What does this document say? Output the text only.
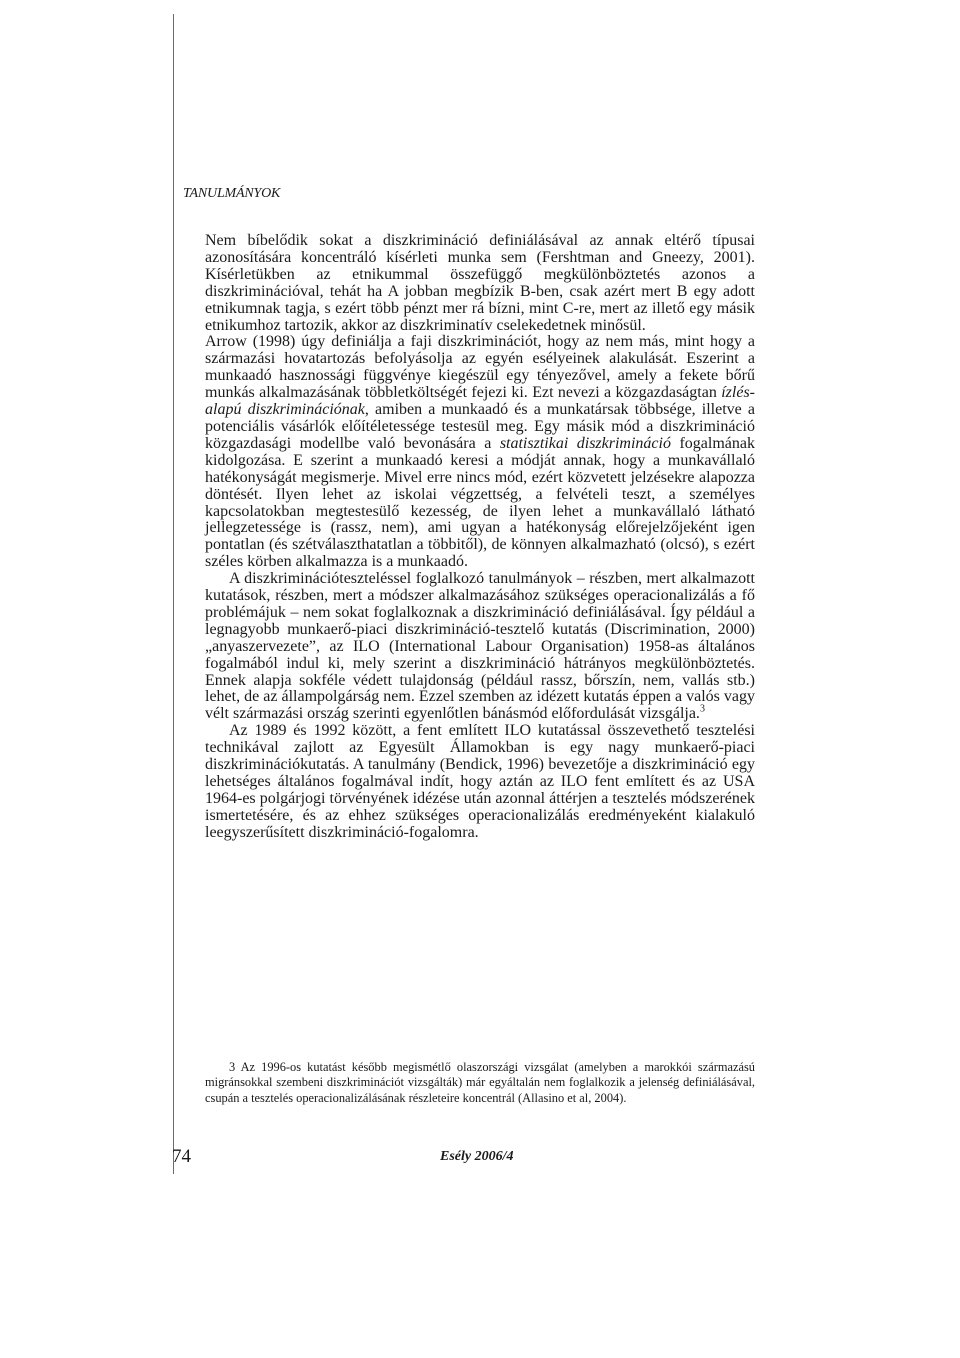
TANULMÁNYOK

Nem bíbelődik sokat a diszkrimináció definiálásával az annak eltérő típusai azonosítására koncentráló kísérleti munka sem (Fershtman and Gneezy, 2001). Kísérletükben az etnikummal összefüggő megkülönböztetés azonos a diszkriminációval, tehát ha A jobban megbízik B-ben, csak azért mert B egy adott etnikumnak tagja, s ezért több pénzt mer rá bízni, mint C-re, mert az illető egy másik etnikumhoz tartozik, akkor az diszkriminatív cselekedetnek minősül.

Arrow (1998) úgy definiálja a faji diszkriminációt, hogy az nem más, mint hogy a származási hovatartozás befolyásolja az egyén esélyeinek alakulását. Eszerint a munkaadó hasznossági függvénye kiegészül egy tényezővel, amely a fekete bőrű munkás alkalmazásának többletköltségét fejezi ki. Ezt nevezi a közgazdaságtan ízlés-alapú diszkriminációnak, amiben a munkaadó és a munkatársak többsége, illetve a potenciális vásárlók előítéletessége testesül meg. Egy másik mód a diszkrimináció közgazdasági modellbe való bevonására a statisztikai diszkrimináció fogalmának kidolgozása. E szerint a munkaadó keresi a módját annak, hogy a munkavállaló hatékonyságát megismerje. Mivel erre nincs mód, ezért közvetett jelzésekre alapozza döntését. Ilyen lehet az iskolai végzettség, a felvételi teszt, a személyes kapcsolatokban megtestesülő kezesség, de ilyen lehet a munkavállaló látható jellegzetessége is (rassz, nem), ami ugyan a hatékonyság előrejelzőjeként igen pontatlan (és szétválaszthatatlan a többitől), de könnyen alkalmazható (olcsó), s ezért széles körben alkalmazza is a munkaadó.

A diszkriminációteszteléssel foglalkozó tanulmányok – részben, mert alkalmazott kutatások, részben, mert a módszer alkalmazásához szükséges operacionalizálás a fő problémájuk – nem sokat foglalkoznak a diszkrimináció definiálásával. Így például a legnagyobb munkaerő-piaci diszkrimináció-tesztelő kutatás (Discrimination, 2000) „anyaszervezete”, az ILO (International Labour Organisation) 1958-as általános fogalmából indul ki, mely szerint a diszkrimináció hátrányos megkülönböztetés. Ennek alapja sokféle védett tulajdonság (például rassz, bőrszín, nem, vallás stb.) lehet, de az állampolgárság nem. Ezzel szemben az idézett kutatás éppen a valós vagy vélt származási ország szerinti egyenlőtlen bánásmód előfordulását vizsgálja.$^3$

Az 1989 és 1992 között, a fent említett ILO kutatással összevethető tesztelési technikával zajlott az Egyesült Államokban is egy nagy munkaerő-piaci diszkriminációkutatás. A tanulmány (Bendick, 1996) bevezetője a diszkrimináció egy lehetséges általános fogalmával indít, hogy aztán az ILO fent említett és az USA 1964-es polgárjogi törvényének idézése után azonnal áttérjen a tesztelés módszerének ismertetésére, és az ehhez szükséges operacionalizálás eredményeként kialakuló leegyszerűsített diszkrimináció-fogalomra.

3 Az 1996-os kutatást később megismétlő olaszországi vizsgálat (amelyben a marokkói származású migránsokkal szembeni diszkriminációt vizsgálták) már egyáltalán nem foglalkozik a jelenség definiálásával, csupán a tesztelés operacionalizálásának részleteire koncentrál (Allasino et al, 2004).

74	Esély 2006/4
